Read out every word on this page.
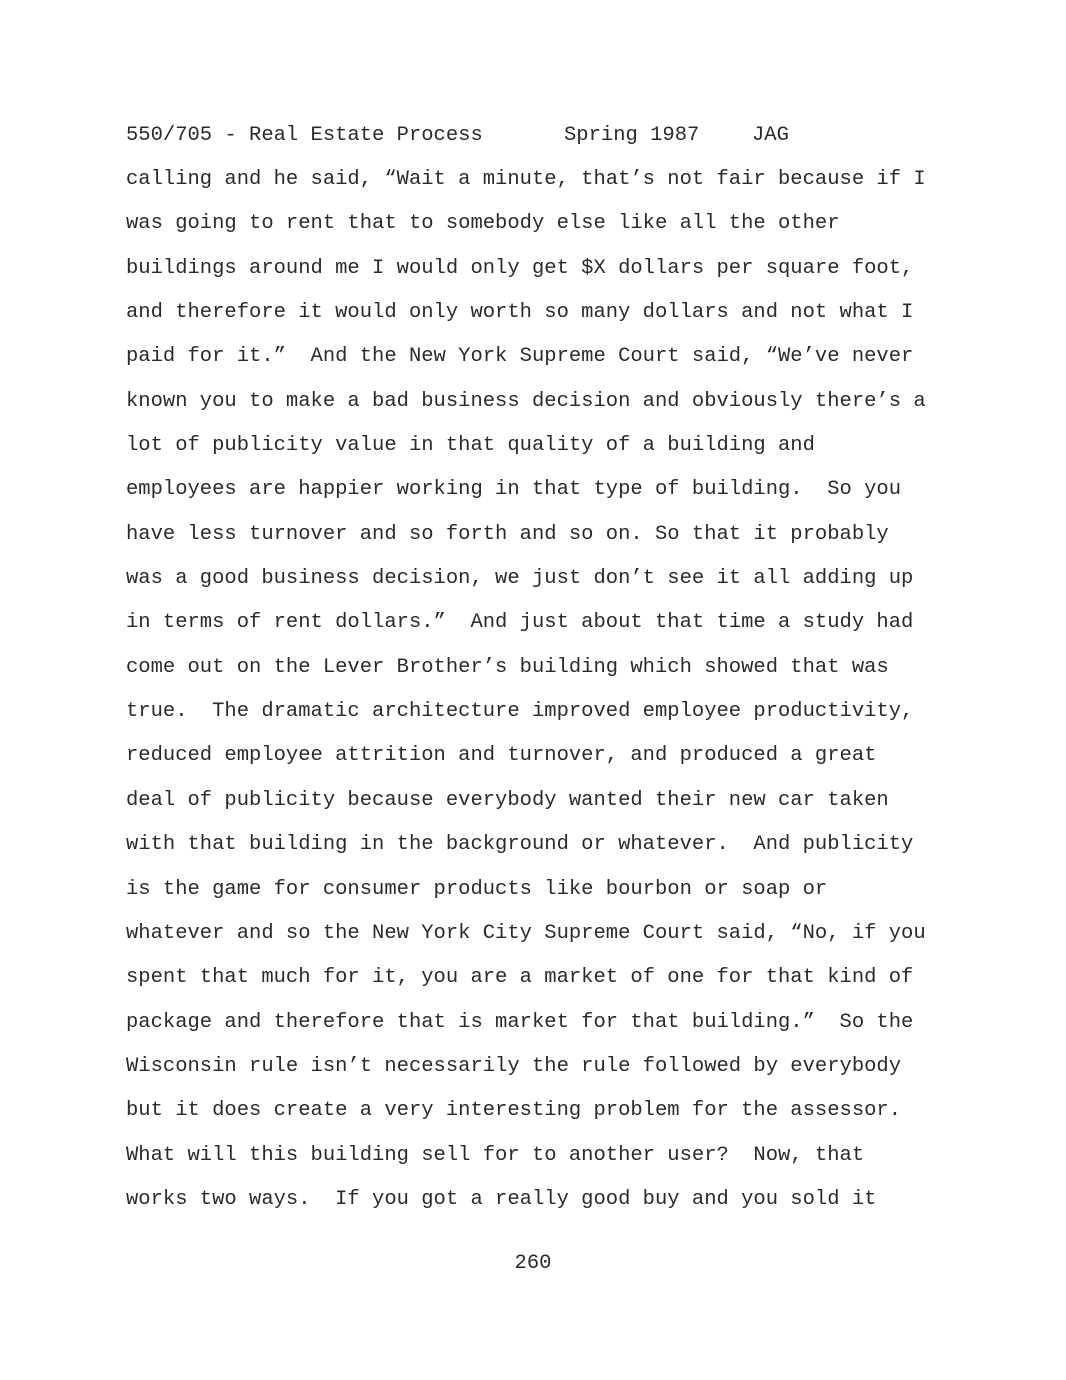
550/705 - Real Estate Process

	Spring 1987

	JAG

calling and he said, “Wait a minute, that’s not fair because if I
was going to rent that to somebody else like all the other
buildings around me I would only get $X dollars per square foot,
and therefore it would only worth so many dollars and not what I
paid for it.”  And the New York Supreme Court said, “We’ve never
known you to make a bad business decision and obviously there’s a
lot of publicity value in that quality of a building and
employees are happier working in that type of building.  So you
have less turnover and so forth and so on. So that it probably
was a good business decision, we just don’t see it all adding up
in terms of rent dollars.”  And just about that time a study had
come out on the Lever Brother’s building which showed that was
true.  The dramatic architecture improved employee productivity,
reduced employee attrition and turnover, and produced a great
deal of publicity because everybody wanted their new car taken
with that building in the background or whatever.  And publicity
is the game for consumer products like bourbon or soap or
whatever and so the New York City Supreme Court said, “No, if you
spent that much for it, you are a market of one for that kind of
package and therefore that is market for that building.”  So the
Wisconsin rule isn’t necessarily the rule followed by everybody
but it does create a very interesting problem for the assessor.
What will this building sell for to another user?  Now, that
works two ways.  If you got a really good buy and you sold it
260
